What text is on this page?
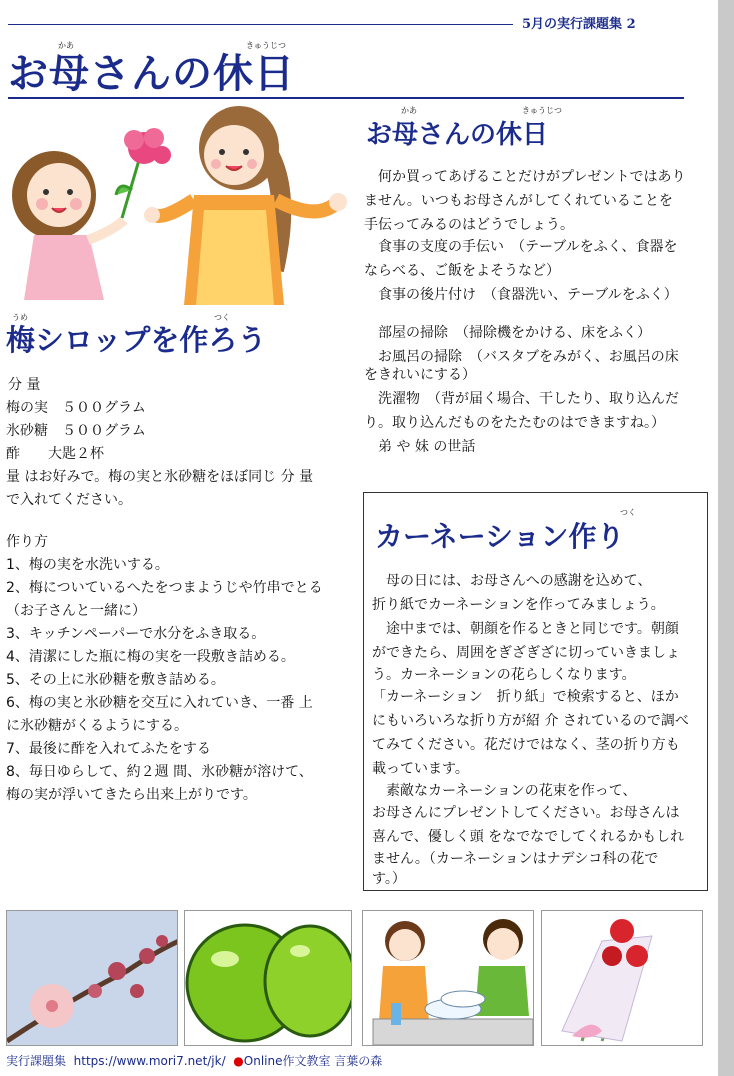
5月の実行課題集 2
かあ	きゅうじつ
お母さんの休日
かあ	きゅうじつ
お母さんの休日
　何か買ってあげることだけがプレゼントではあり
ません。いつもお母さんがしてくれていることを
手伝ってみるのはどうでしょう。
　食事の支度の手伝い　（テーブルをふく、食器を
ならべる、ご飯をよそうなど）
　食事の後片付け　（食器洗い、テーブルをふく）
　部屋の掃除　（掃除機をかける、床をふく）
　お風呂の掃除　（バスタブをみがく、お風呂の床
をきれいにする）
　洗濯物　（背が届く場合、干したり、取り込んだ
り。取り込んだものをたたむのはできますね。）
　弟 や 妹 の世話
うめ	つく
梅シロップを作ろう
分 量
梅の実　５００グラム
氷砂糖　５００グラム
酢　　大匙２杯
量 はお好みで。梅の実と氷砂糖をほぼ同じ 分 量
で入れてください。
作り方
1、梅の実を水洗いする。
2、梅についているへたをつまようじや竹串でとる
（お子さんと一緒に）
3、キッチンペーパーで水分をふき取る。
4、清潔にした瓶に梅の実を一段敷き詰める。
5、その上に氷砂糖を敷き詰める。
6、梅の実と氷砂糖を交互に入れていき、一番 上
に氷砂糖がくるようにする。
7、最後に酢を入れてふたをする
8、毎日ゆらして、約２週 間、氷砂糖が溶けて、
梅の実が浮いてきたら出来上がりです。
つく
カーネーション作り
　母の日には、お母さんへの感謝を込めて、
折り紙でカーネーションを作ってみましょう。
　途中までは、朝顔を作るときと同じです。朝顔
ができたら、周囲をぎざぎざに切っていきましょ
う。カーネーションの花らしくなります。
「カーネーション　折り紙」で検索すると、ほか
にもいろいろな折り方が紹 介 されているので調べ
てみてください。花だけではなく、茎の折り方も
載っています。
　素敵なカーネーションの花束を作って、
お母さんにプレゼントしてください。お母さんは
喜んで、優しく頭 をなでなでしてくれるかもしれ
ません。（カーネーションはナデシコ科の花で
す。）
実行課題集 https://www.mori7.net/jk/ ●Online作文教室 言葉の森
